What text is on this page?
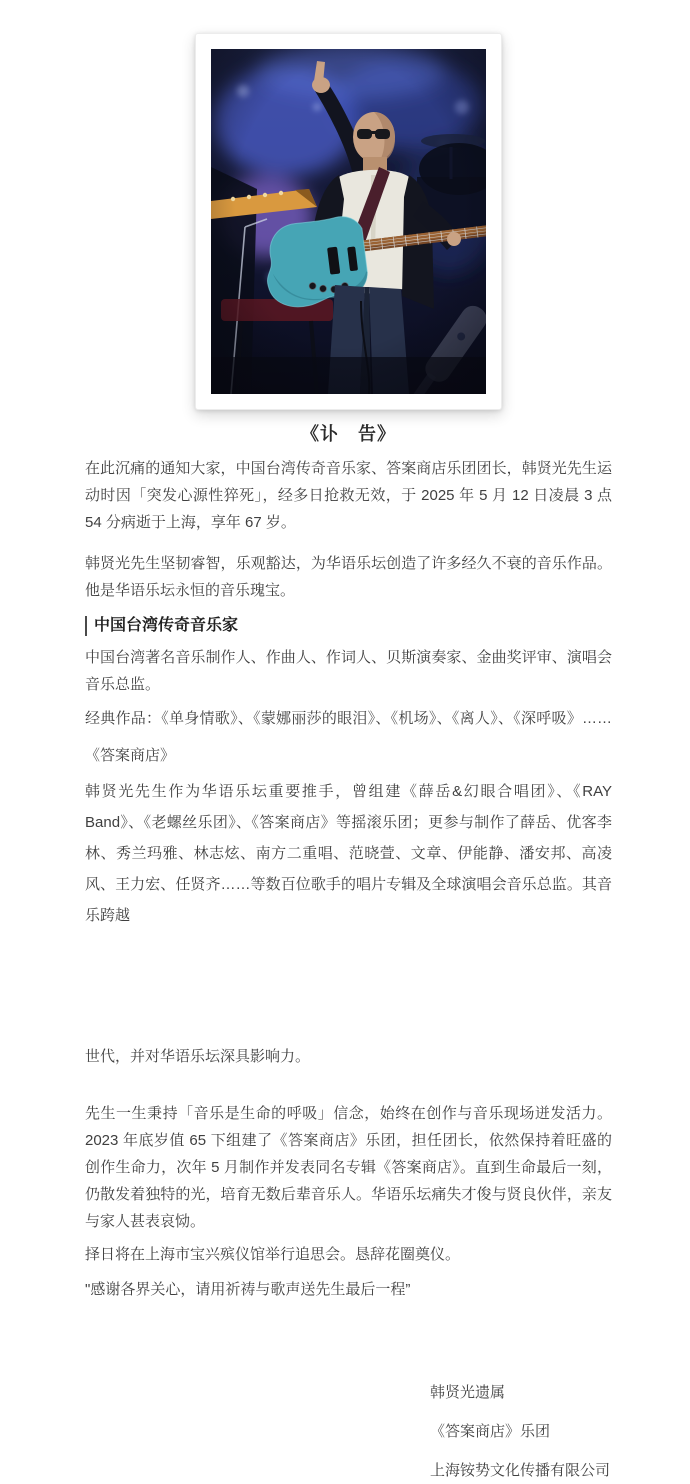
《讣　告》

在此沉痛的通知大家，中国台湾传奇音乐家、答案商店乐团团长，韩贤光先生运动时因「突发心源性猝死」，经多日抢救无效，于 2025 年 5 月 12 日凌晨 3 点 54 分病逝于上海，享年 67 岁。

韩贤光先生坚韧睿智，乐观豁达，为华语乐坛创造了许多经久不衰的音乐作品。他是华语乐坛永恒的音乐瑰宝。

中国台湾传奇音乐家

中国台湾著名音乐制作人、作曲人、作词人、贝斯演奏家、金曲奖评审、演唱会音乐总监。

经典作品：《单身情歌》、《蒙娜丽莎的眼泪》、《机场》、《离人》、《深呼吸》……《答案商店》

韩贤光先生作为华语乐坛重要推手，曾组建《薛岳&幻眼合唱团》、《RAY Band》、《老螺丝乐团》、《答案商店》等摇滚乐团；更参与制作了薛岳、优客李林、秀兰玛雅、林志炫、南方二重唱、范晓萱、文章、伊能静、潘安邦、高凌风、王力宏、任贤齐……等数百位歌手的唱片专辑及全球演唱会音乐总监。其音乐跨越

世代，并对华语乐坛深具影响力。

先生一生秉持「音乐是生命的呼吸」信念，始终在创作与音乐现场迸发活力。2023 年底岁值 65 下组建了《答案商店》乐团，担任团长，依然保持着旺盛的创作生命力，次年 5 月制作并发表同名专辑《答案商店》。直到生命最后一刻，仍散发着独特的光，培育无数后辈音乐人。华语乐坛痛失才俊与贤良伙伴，亲友与家人甚表哀恸。

择日将在上海市宝兴殡仪馆举行追思会。恳辞花圈奠仪。

"感谢各界关心，请用祈祷与歌声送先生最后一程”

韩贤光遗属
《答案商店》乐团
上海铵势文化传播有限公司
